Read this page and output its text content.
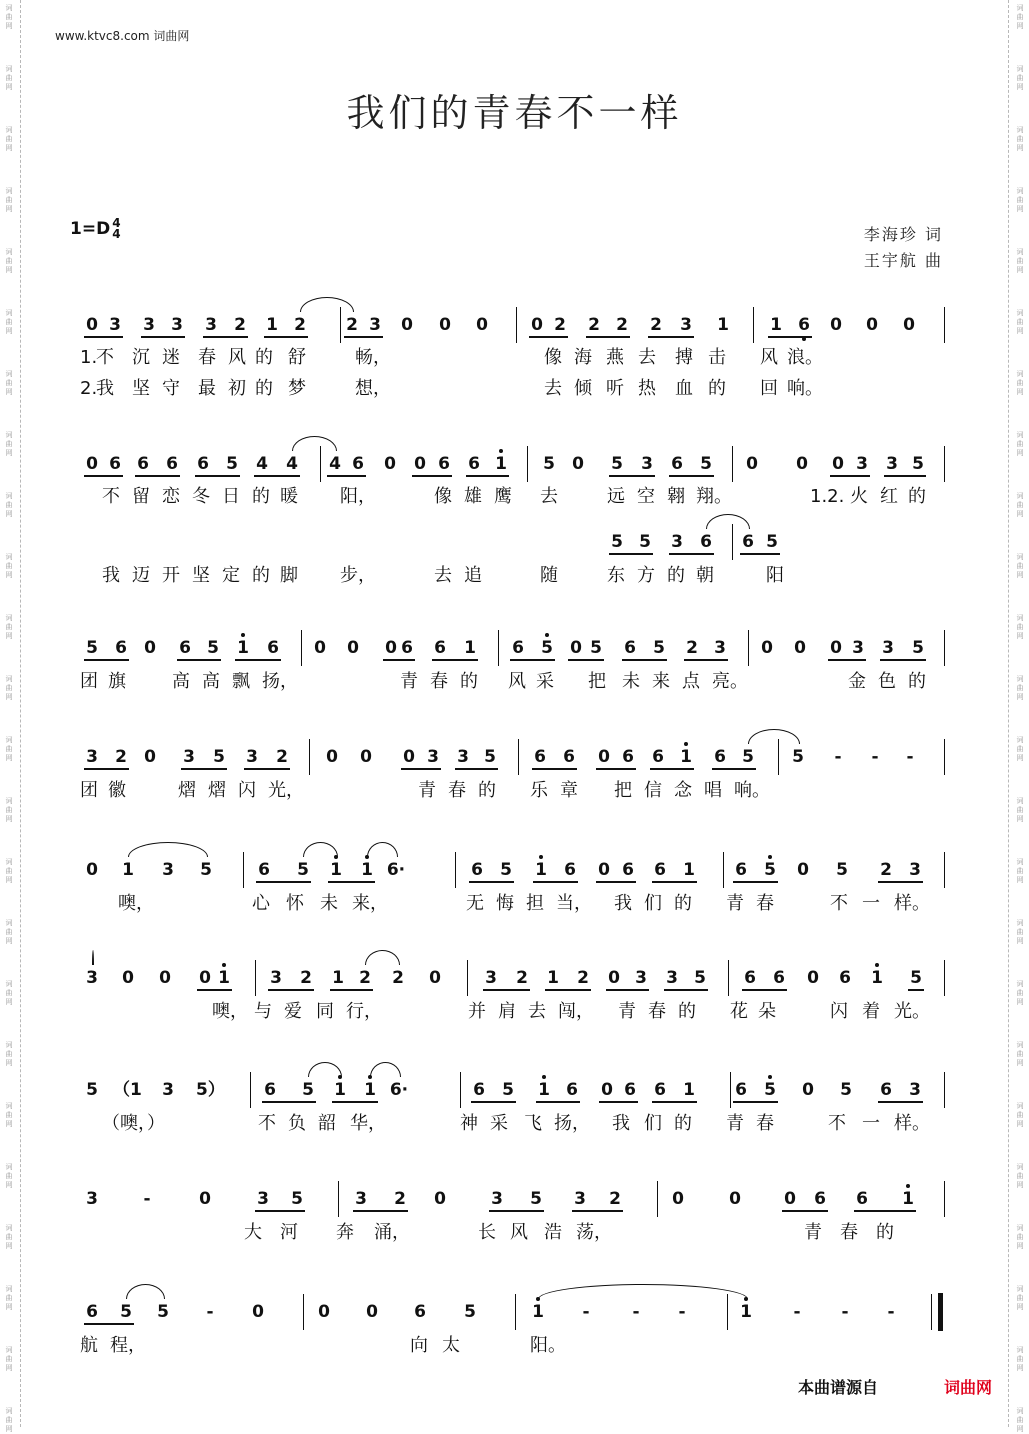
词
曲
网
词
曲
网
词
曲
网
词
曲
网
词
曲
网
词
曲
网
词
曲
网
词
曲
网
词
曲
网
词
曲
网
词
曲
网
词
曲
网
词
曲
网
词
曲
网
词
曲
网
词
曲
网
词
曲
网
词
曲
网
词
曲
网
词
曲
网
词
曲
网
词
曲
网
词
曲
网
词
曲
网
词
曲
网
词
曲
网
词
曲
网
词
曲
网
词
曲
网
词
曲
网
词
曲
网
词
曲
网
词
曲
网
词
曲
网
词
曲
网
词
曲
网
词
曲
网
词
曲
网
词
曲
网
词
曲
网
词
曲
网
词
曲
网
词
曲
网
词
曲
网
词
曲
网
词
曲
网
词
曲
网
词
曲
网
www.ktvc8.com 词曲网
我们的青春不一样
1=D 4
4	李海珍 词
王宇航 曲
0 3	3 3	3	2	1 2	2 3	0	0	0	0 2	2 2	2	3	1	1 6	0	0	0
1.
不 沉 迷 春 风 的 舒	畅，	像 海 燕 去 搏 击 风 浪。
2.
我 坚 守 最 初 的 梦	想，	去 倾 听 热 血 的 回 响。
0 6 6	6	6	5	4	4	4 6	0	0 6	6 1	5	0	5	3	6	5	0	0	0 3	3 5
不 留 恋 冬 日 的 暖 阳，	像 雄 鹰 去	远 空 翱 翔。	1.2. 火 红 的
5 5	3	6	6 5
我 迈 开 坚 定 的 脚 步，	去 追	随	东 方 的 朝	阳
5	6	0	6 5	1	6	0	0	0 6	6	1	6	5	0 5	6	5	2 3	0	0	0 3	3	5
团 旗	高 高 飘 扬，	青 春 的 风 采 把 未 来 点 亮。	金 色 的
3	2	0	3	5	3	2	0	0	0 3	3 5	6	6	0 6	6 1	6 5	5	-	-	-
团 徽	熠 熠 闪 光，	青 春 的 乐 章 把 信 念 唱 响。
0	1	3	5	6	5	1	1 6·	6	5	1	6	0 6	6	1	6	5	0	5	2	3
噢，	心 怀 未 来，	无 悔 担 当， 我 们 的 青 春	不 一 样。
3	0	0	0 1	3	2	1 2	2	0	3	2	1	2	0 3	3 5	6	6	0	6	1	5
噢， 与 爱 同 行，	并 肩 去 闯， 青 春 的 花 朵	闪 着 光。
5 （1	3	5）	6	5	1	1 6·	6	5	1 6	0 6	6	1	6	5	0	5	6	3
（噢，）	不 负 韶 华，	神 采 飞 扬， 我 们 的 青 春	不 一 样。
3	-	0	3	5	3	2	0	3	5	3	2	0	0	0	6	6	1
大 河 奔 涌，	长 风 浩 荡，	青 春 的
6	5	5	-	0	0	0	6	5	1	-	-	-	1	-	-	-
航 程，	向 太	阳。
本曲谱源自	词曲网
